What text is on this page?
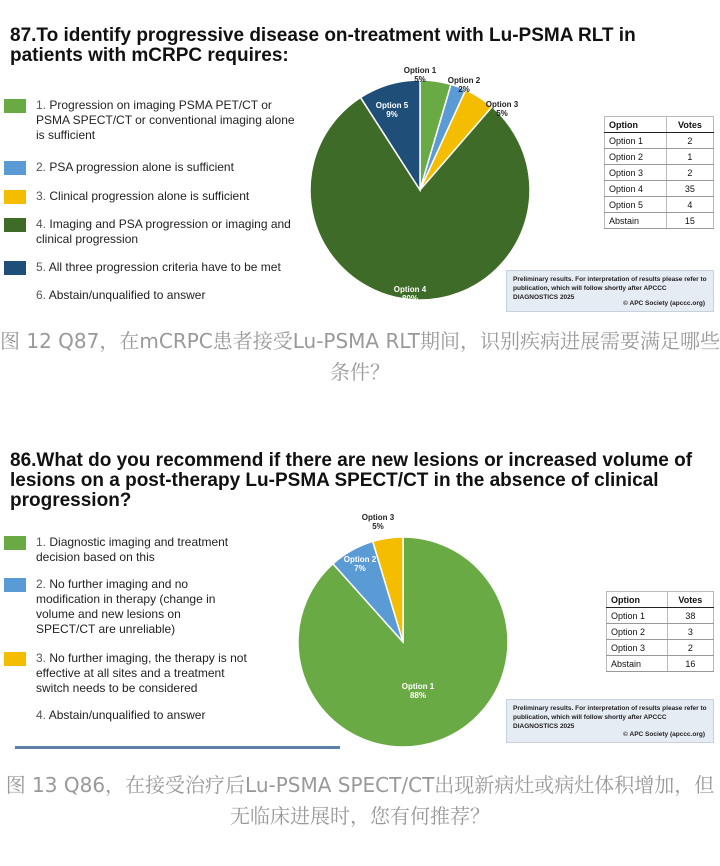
87.To identify progressive disease on-treatment with Lu-PSMA RLT in patients with mCRPC requires:
1. Progression on imaging PSMA PET/CT or PSMA SPECT/CT or conventional imaging alone is sufficient
2. PSA progression alone is sufficient
3. Clinical progression alone is sufficient
4. Imaging and PSA progression or imaging and clinical progression
5. All three progression criteria have to be met
6. Abstain/unqualified to answer
Option 1
5%	Option 2
2%
Option 3
5%
Option 4
80%
Option 5
9%
Option	Votes
Option 1	2
Option 2	1
Option 3	2
Option 4	35
Option 5	4
Abstain	15
Preliminary results. For interpretation of results please refer to publication, which will follow shortly after APCCC DIAGNOSTICS 2025
© APC Society (apccc.org)
图 12 Q87，在mCRPC患者接受Lu-PSMA RLT期间，识别疾病进展需要满足哪些条件？
86.What do you recommend if there are new lesions or increased volume of lesions on a post-therapy Lu-PSMA SPECT/CT in the absence of clinical progression?
1. Diagnostic imaging and treatment decision based on this
2. No further imaging and no modification in therapy (change in volume and new lesions on SPECT/CT are unreliable)
3. No further imaging, the therapy is not effective at all sites and a treatment switch needs to be considered
4. Abstain/unqualified to answer
Option 1
88%
Option 2
7%
Option 3
5%
Option	Votes
Option 1	38
Option 2	3
Option 3	2
Abstain	16
Preliminary results. For interpretation of results please refer to publication, which will follow shortly after APCCC DIAGNOSTICS 2025
© APC Society (apccc.org)
图 13 Q86，在接受治疗后Lu-PSMA SPECT/CT出现新病灶或病灶体积增加，但无临床进展时，您有何推荐？
